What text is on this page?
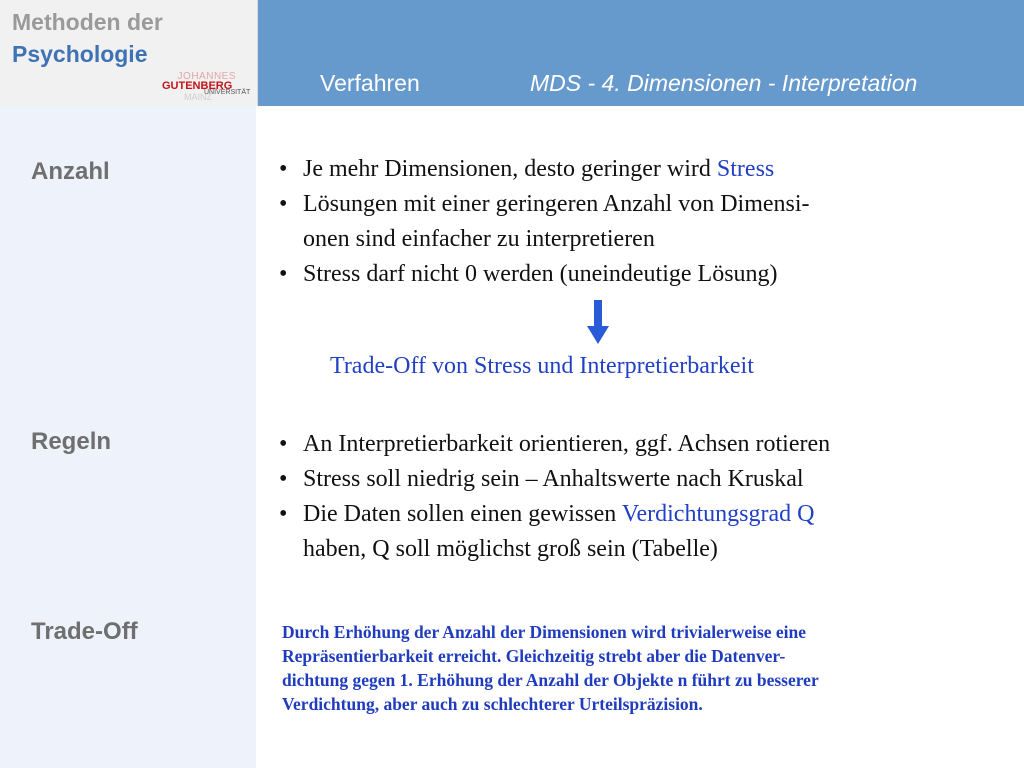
Methoden der
Psychologie
JOHANNES
MAINZ
GUTENBERG
UNIVERSITÄT	Verfahren	MDS - 4. Dimensionen - Interpretation
Anzahl
Regeln
Trade-Off
• Je mehr Dimensionen, desto geringer wird Stress
• Lösungen mit einer geringeren Anzahl von Dimensi-
onen sind einfacher zu interpretieren
• Stress darf nicht 0 werden (uneindeutige Lösung)
Trade-Off von Stress und Interpretierbarkeit
• An Interpretierbarkeit orientieren, ggf. Achsen rotieren
• Stress soll niedrig sein – Anhaltswerte nach Kruskal
• Die Daten sollen einen gewissen Verdichtungsgrad Q
haben, Q soll möglichst groß sein (Tabelle)
Durch Erhöhung der Anzahl der Dimensionen wird trivialerweise eine
Repräsentierbarkeit erreicht. Gleichzeitig strebt aber die Datenver-
dichtung gegen 1. Erhöhung der Anzahl der Objekte n führt zu besserer
Verdichtung, aber auch zu schlechterer Urteilspräzision.
